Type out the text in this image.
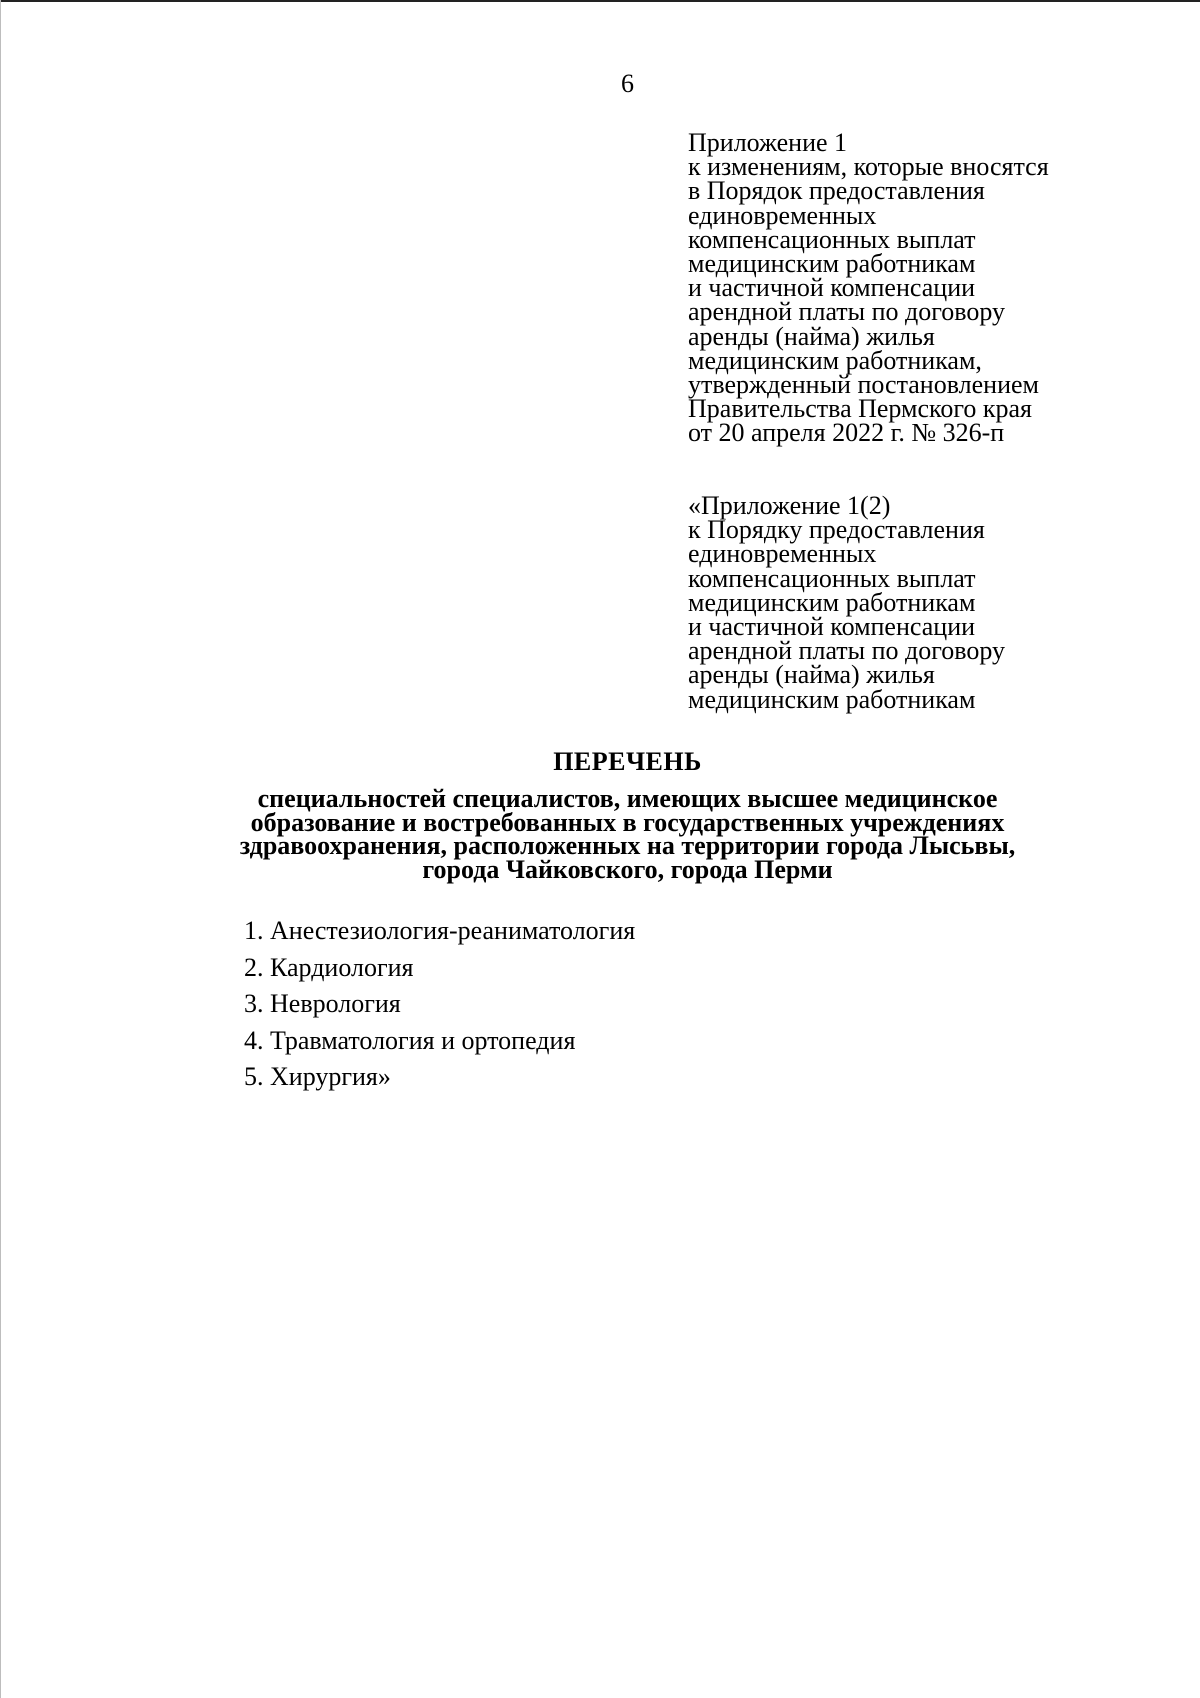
6
Приложение 1
к изменениям, которые вносятся
в Порядок предоставления
единовременных
компенсационных выплат
медицинским работникам
и частичной компенсации
арендной платы по договору
аренды (найма) жилья
медицинским работникам,
утвержденный постановлением
Правительства Пермского края
от 20 апреля 2022 г. № 326-п
«Приложение 1(2)
к Порядку предоставления
единовременных
компенсационных выплат
медицинским работникам
и частичной компенсации
арендной платы по договору
аренды (найма) жилья
медицинским работникам
ПЕРЕЧЕНЬ
специальностей специалистов, имеющих высшее медицинское
образование и востребованных в государственных учреждениях
здравоохранения, расположенных на территории города Лысьвы,
города Чайковского, города Перми
1. Анестезиология-реаниматология
2. Кардиология
3. Неврология
4. Травматология и ортопедия
5. Хирургия»
